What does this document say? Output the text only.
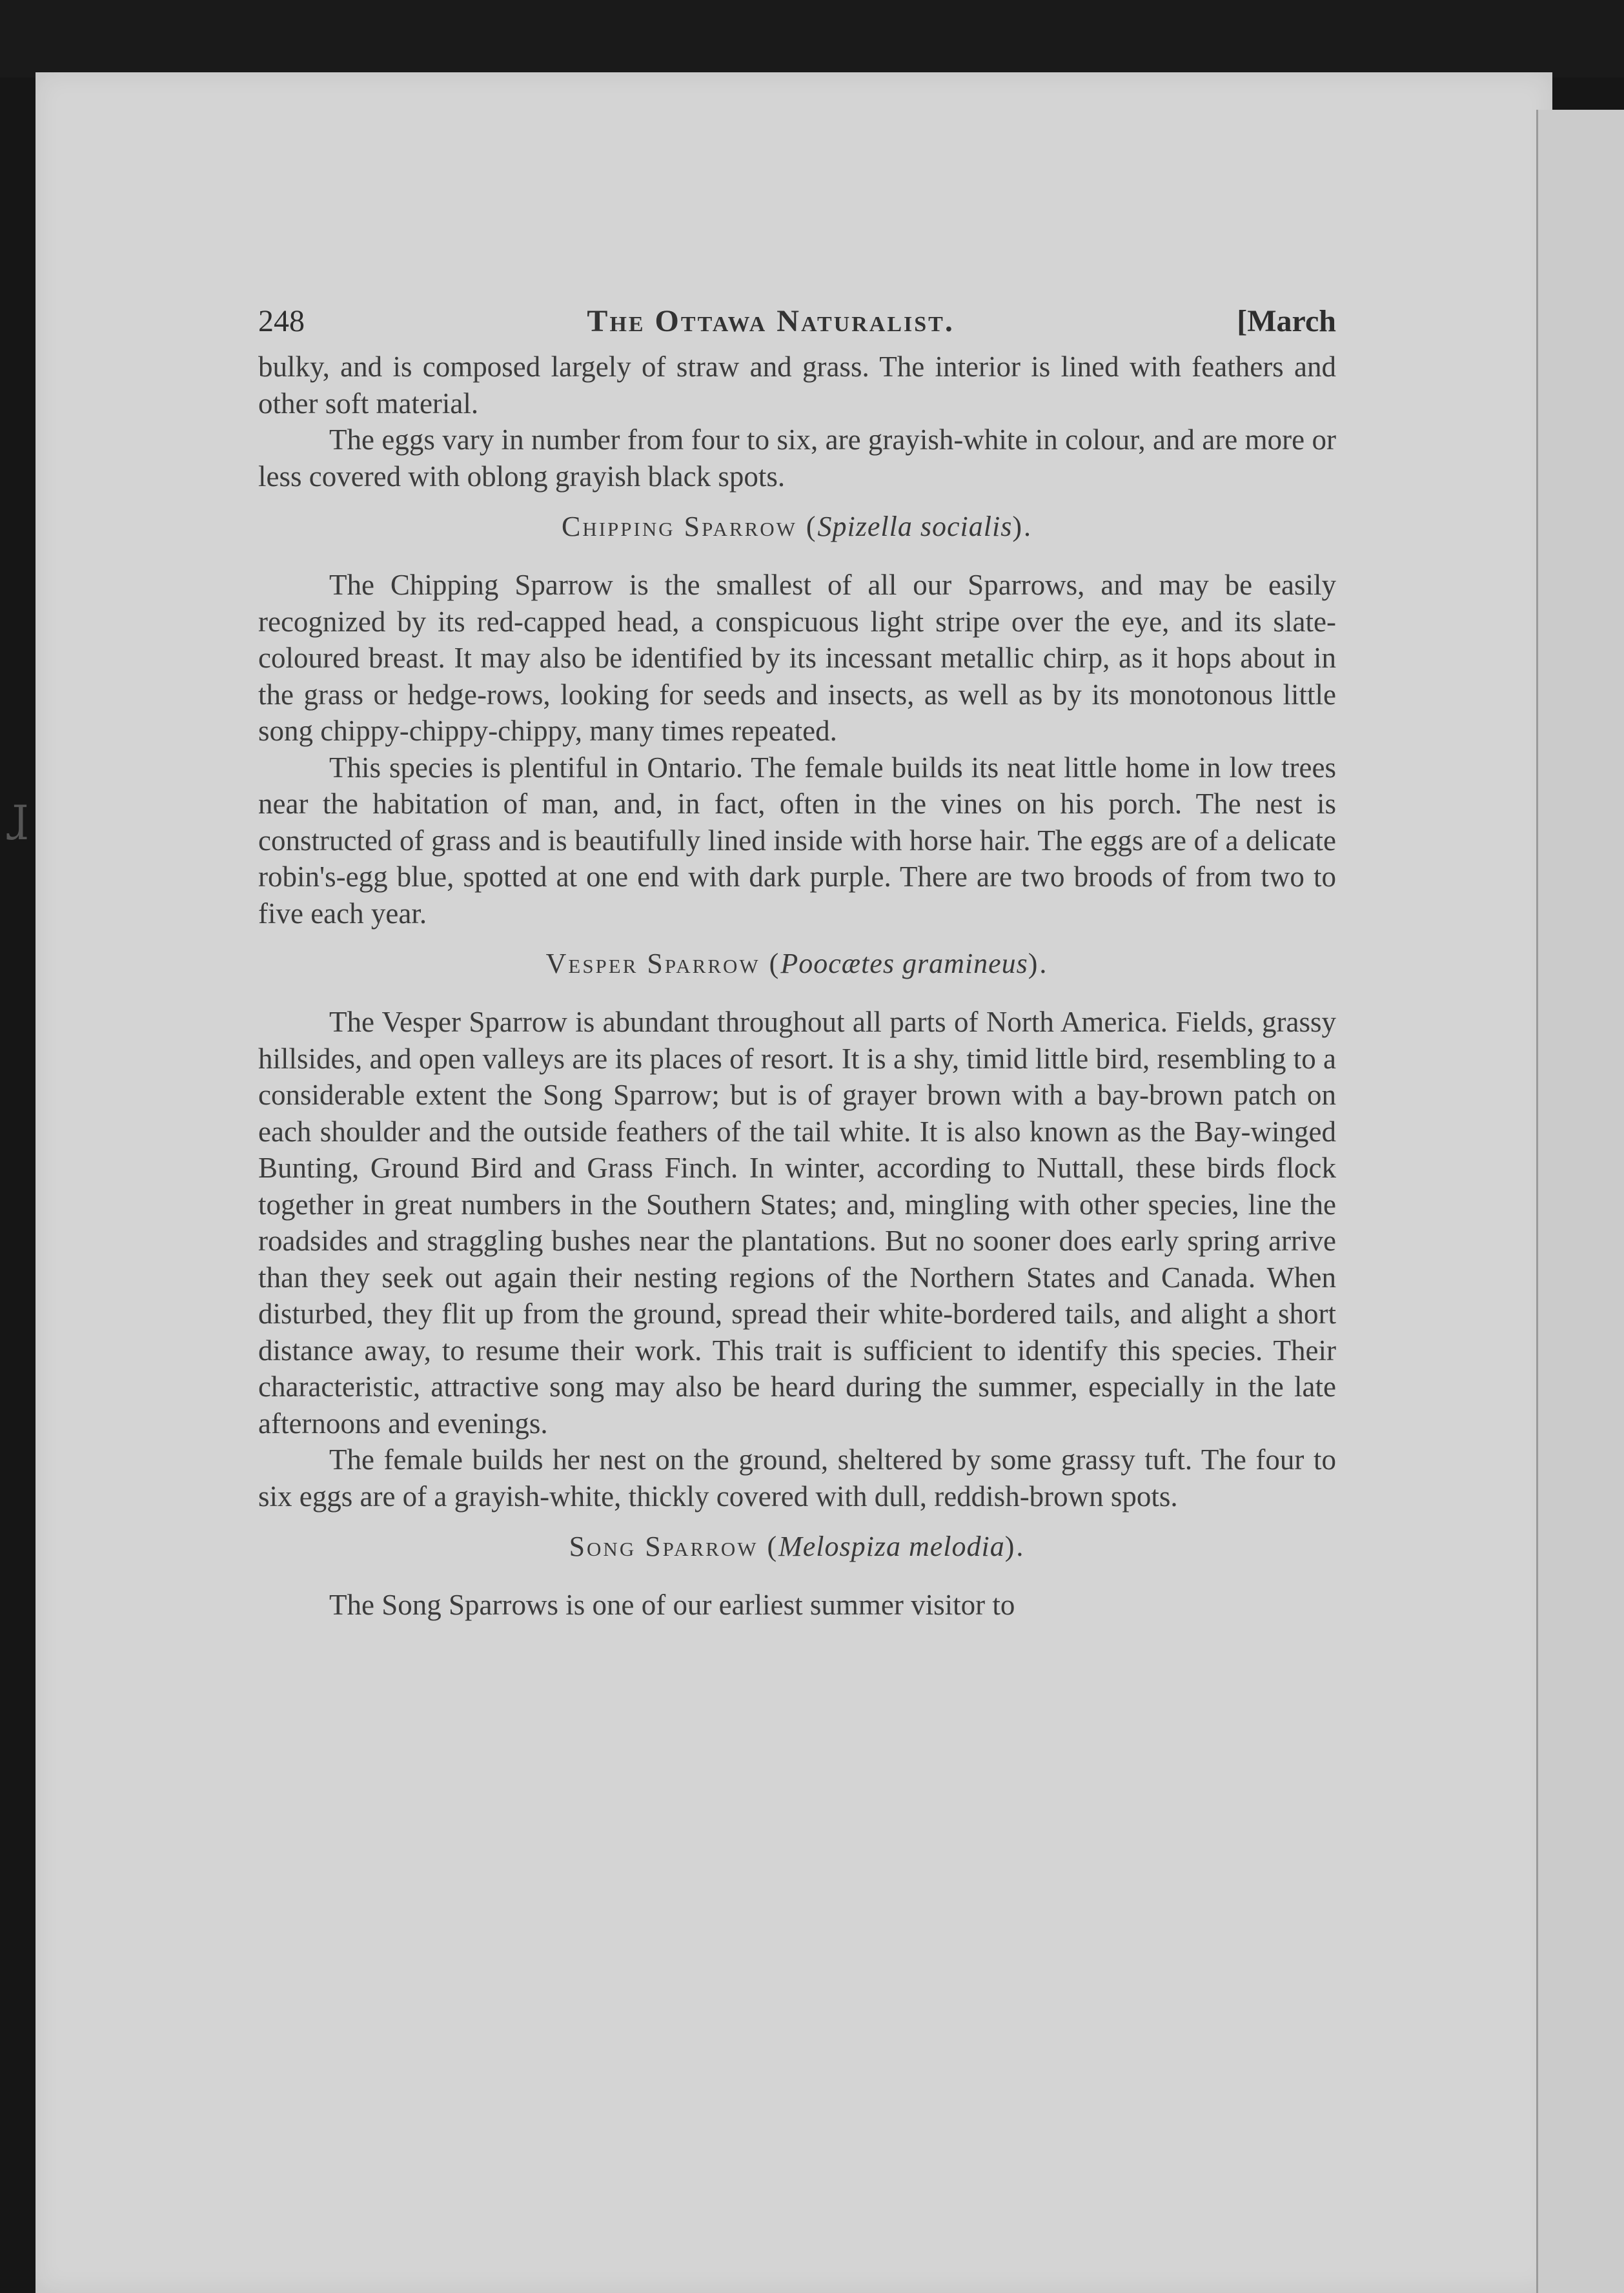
ɺ
248	The Ottawa Naturalist.	[March

bulky, and is composed largely of straw and grass. The interior is lined with feathers and other soft material.

The eggs vary in number from four to six, are grayish-white in colour, and are more or less covered with oblong grayish black spots.

Chipping Sparrow (Spizella socialis).

The Chipping Sparrow is the smallest of all our Sparrows, and may be easily recognized by its red-capped head, a conspicuous light stripe over the eye, and its slate-coloured breast. It may also be identified by its incessant metallic chirp, as it hops about in the grass or hedge-rows, looking for seeds and insects, as well as by its monotonous little song chippy-chippy-chippy, many times repeated.

This species is plentiful in Ontario. The female builds its neat little home in low trees near the habitation of man, and, in fact, often in the vines on his porch. The nest is constructed of grass and is beautifully lined inside with horse hair. The eggs are of a delicate robin's-egg blue, spotted at one end with dark purple. There are two broods of from two to five each year.

Vesper Sparrow (Poocætes gramineus).

The Vesper Sparrow is abundant throughout all parts of North America. Fields, grassy hillsides, and open valleys are its places of resort. It is a shy, timid little bird, resembling to a considerable extent the Song Sparrow; but is of grayer brown with a bay-brown patch on each shoulder and the outside feathers of the tail white. It is also known as the Bay-winged Bunting, Ground Bird and Grass Finch. In winter, according to Nuttall, these birds flock together in great numbers in the Southern States; and, mingling with other species, line the roadsides and straggling bushes near the plantations. But no sooner does early spring arrive than they seek out again their nesting regions of the Northern States and Canada. When disturbed, they flit up from the ground, spread their white-bordered tails, and alight a short distance away, to resume their work. This trait is sufficient to identify this species. Their characteristic, attractive song may also be heard during the summer, especially in the late afternoons and evenings.

The female builds her nest on the ground, sheltered by some grassy tuft. The four to six eggs are of a grayish-white, thickly covered with dull, reddish-brown spots.

Song Sparrow (Melospiza melodia).

The Song Sparrows is one of our earliest summer visitor to
